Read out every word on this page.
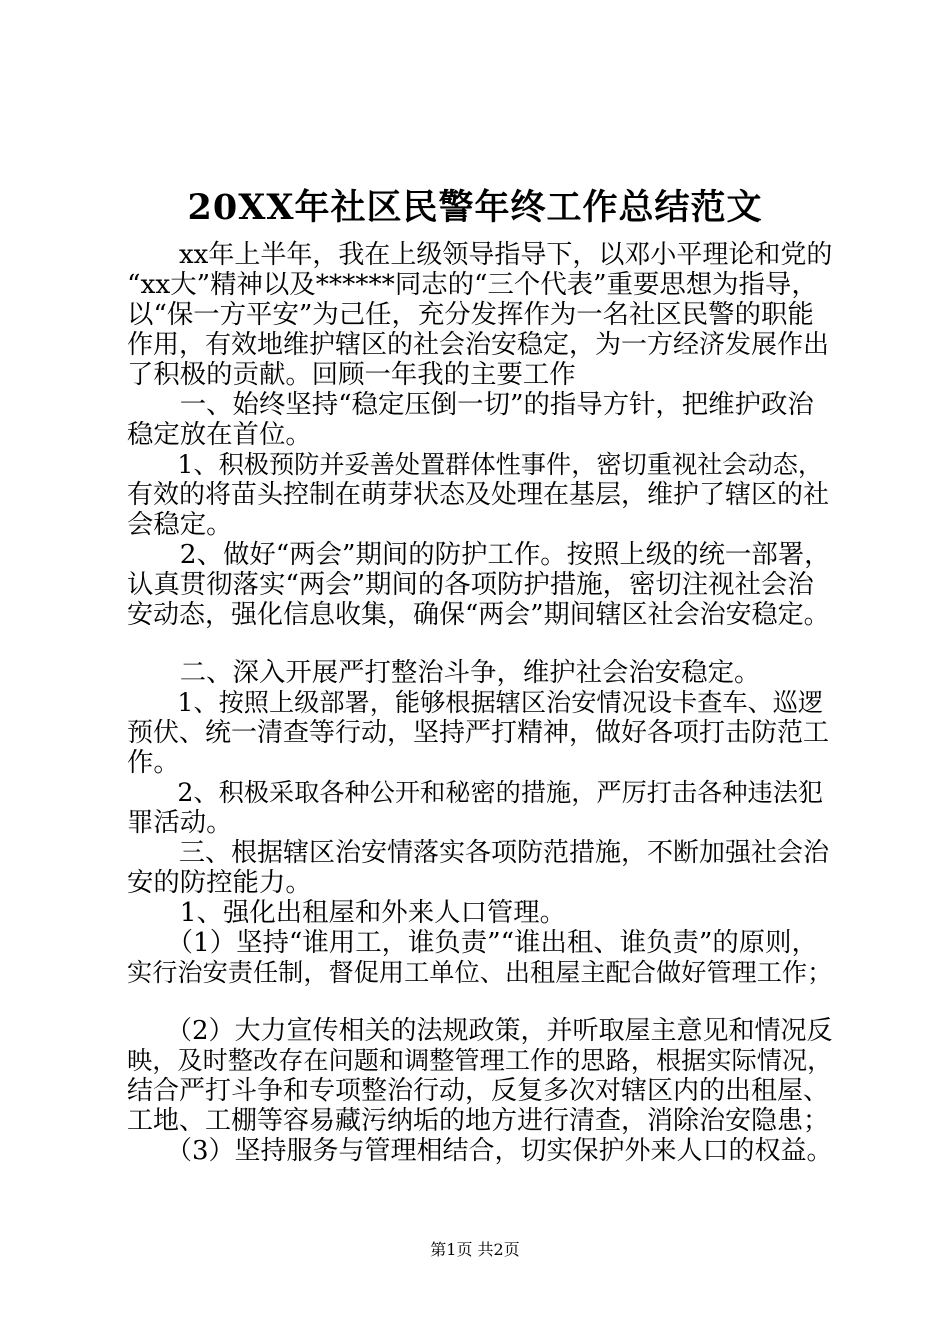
20XX年社区民警年终工作总结范文
　　xx年上半年，我在上级领导指导下，以邓小平理论和党的
“xx大”精神以及******同志的“三个代表”重要思想为指导，
以“保一方平安”为己任，充分发挥作为一名社区民警的职能
作用，有效地维护辖区的社会治安稳定，为一方经济发展作出
了积极的贡献。回顾一年我的主要工作
　　一、始终坚持“稳定压倒一切”的指导方针，把维护政治
稳定放在首位。
　　1、积极预防并妥善处置群体性事件，密切重视社会动态，
有效的将苗头控制在萌芽状态及处理在基层，维护了辖区的社
会稳定。
　　2、做好“两会”期间的防护工作。按照上级的统一部署，
认真贯彻落实“两会”期间的各项防护措施，密切注视社会治
安动态，强化信息收集，确保“两会”期间辖区社会治安稳定。
　　二、深入开展严打整治斗争，维护社会治安稳定。
　　1、按照上级部署，能够根据辖区治安情况设卡查车、巡逻
预伏、统一清查等行动，坚持严打精神，做好各项打击防范工
作。
　　2、积极采取各种公开和秘密的措施，严厉打击各种违法犯
罪活动。
　　三、根据辖区治安情落实各项防范措施，不断加强社会治
安的防控能力。
　　1、强化出租屋和外来人口管理。
　　（1）坚持“谁用工，谁负责”“谁出租、谁负责”的原则，
实行治安责任制，督促用工单位、出租屋主配合做好管理工作；
　　（2）大力宣传相关的法规政策，并听取屋主意见和情况反
映，及时整改存在问题和调整管理工作的思路，根据实际情况，
结合严打斗争和专项整治行动，反复多次对辖区内的出租屋、
工地、工棚等容易藏污纳垢的地方进行清查，消除治安隐患；
　　（3）坚持服务与管理相结合，切实保护外来人口的权益。
第1页 共2页
